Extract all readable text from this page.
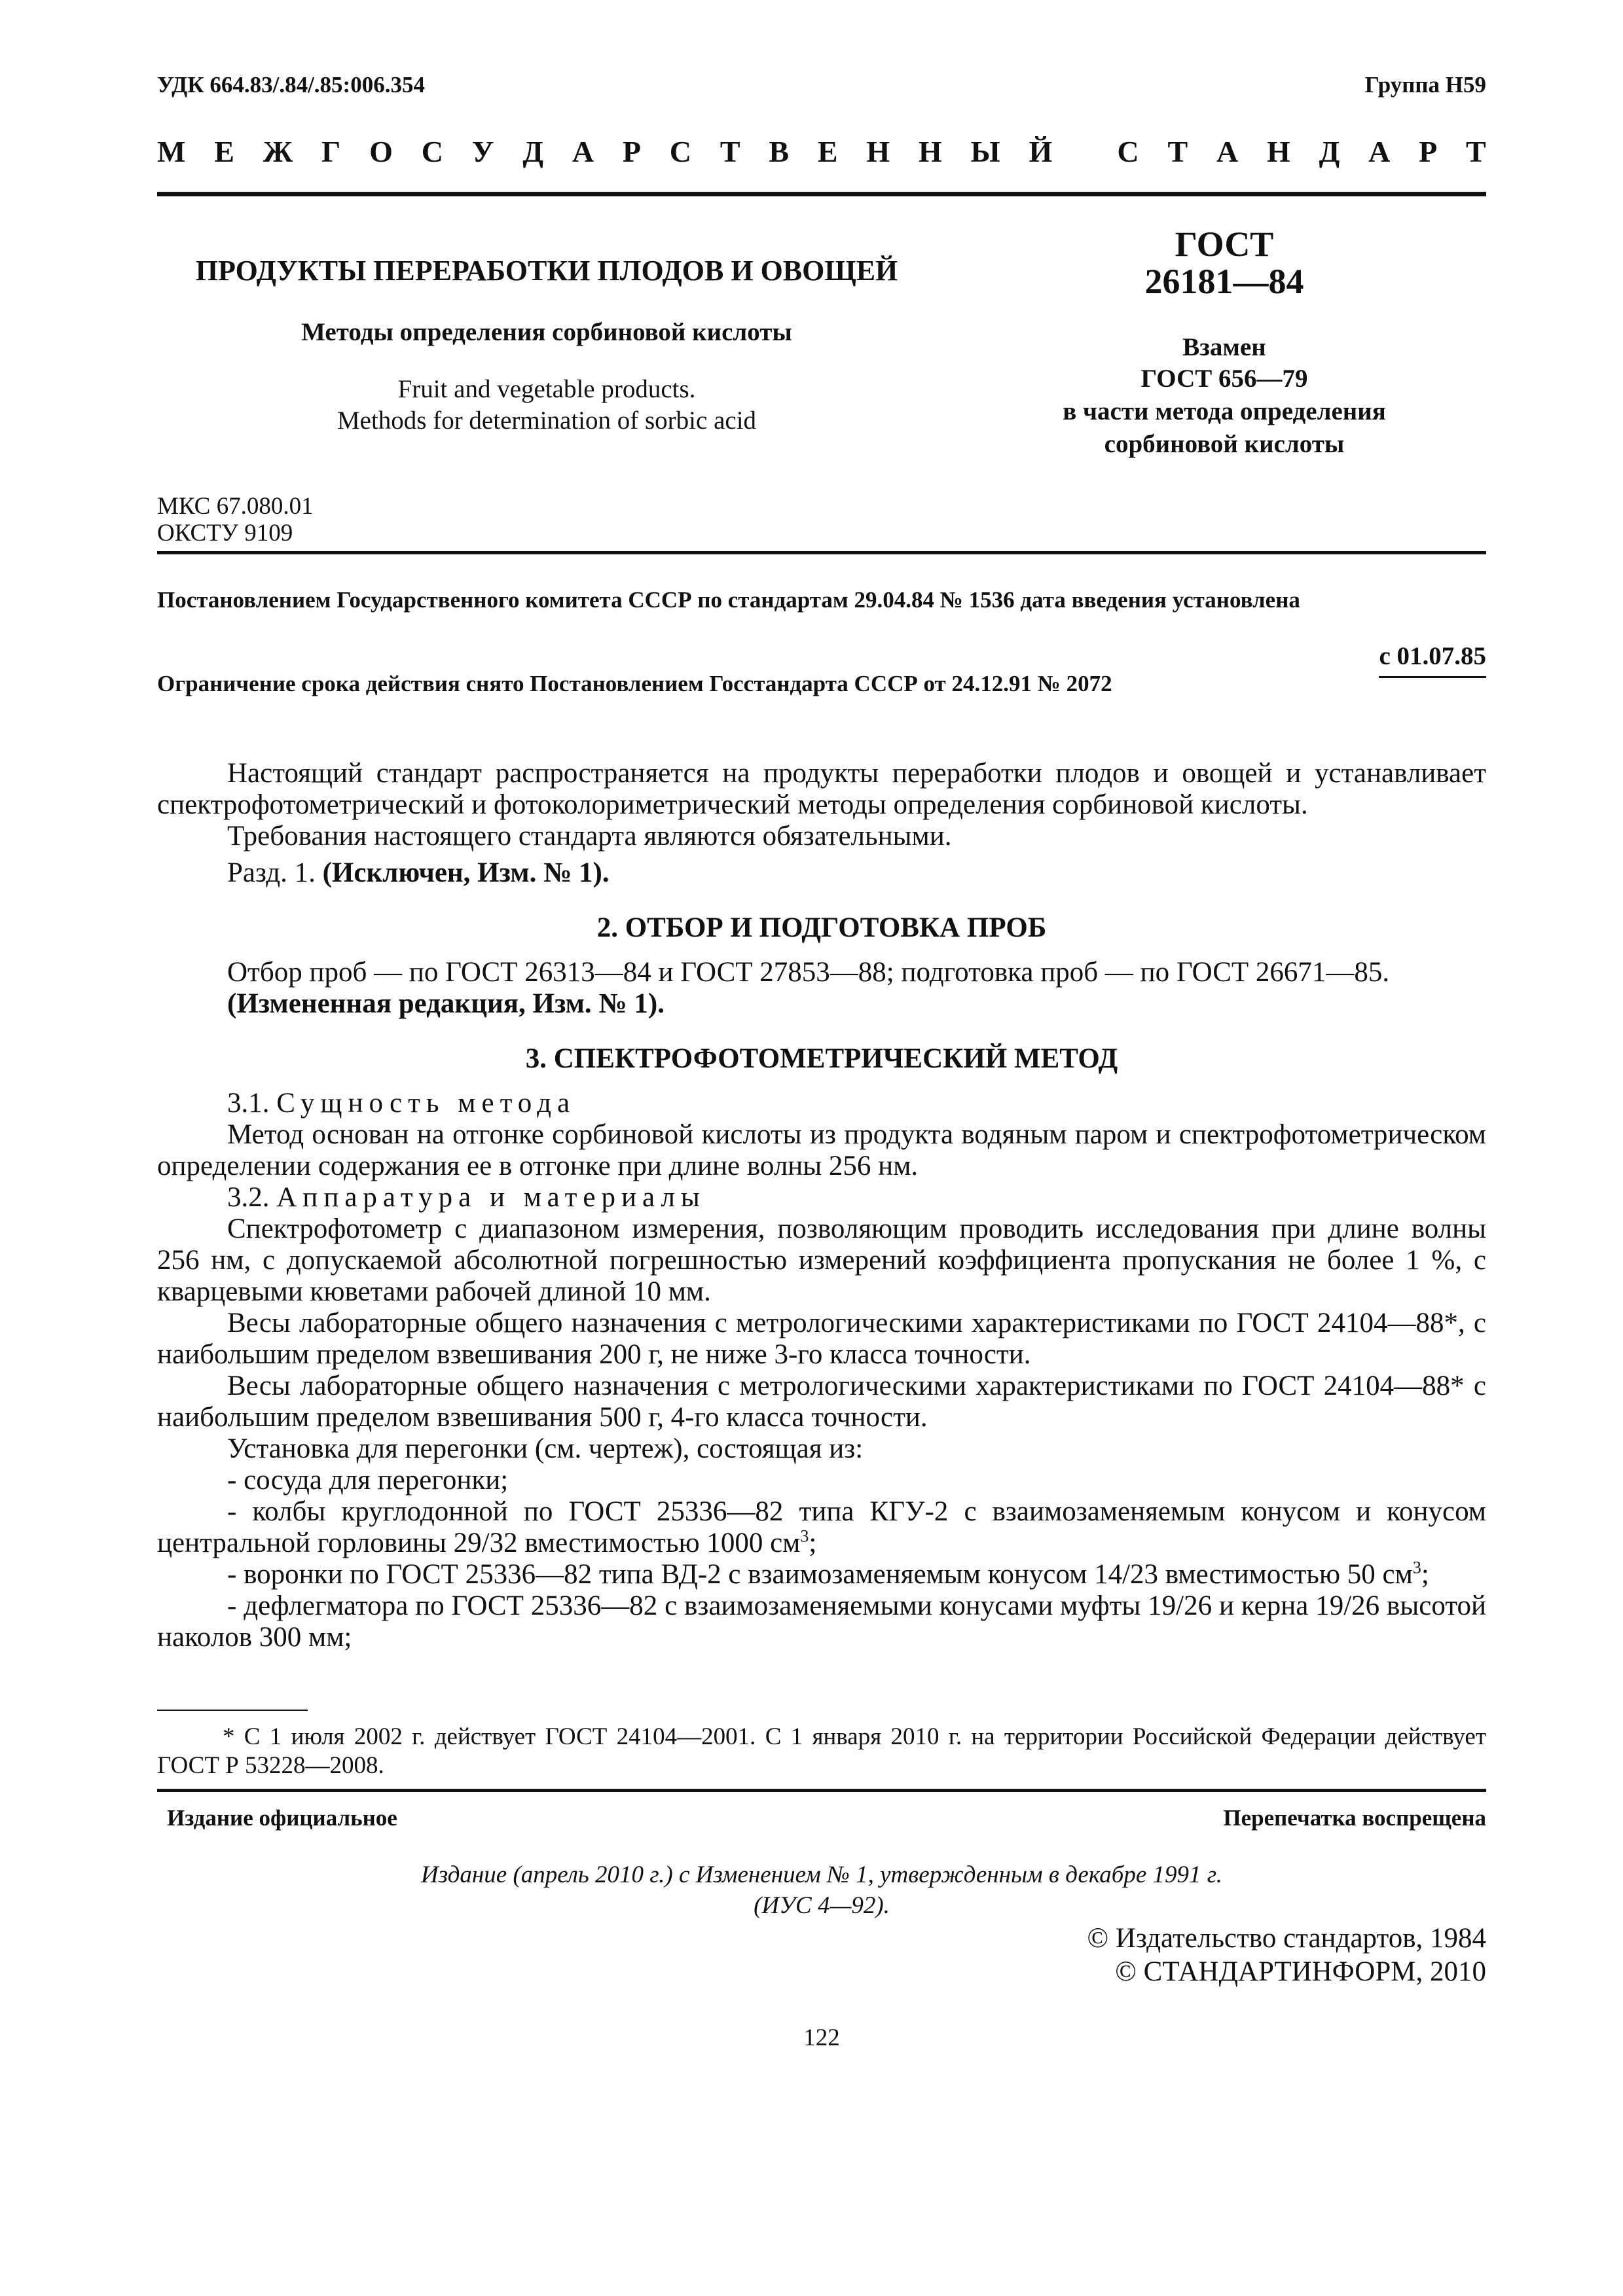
УДК 664.83/.84/.85:006.354	Группа Н59
М Е Ж Г О С У Д А Р С Т В Е Н Н Ы Й
С Т А Н Д А Р Т
ПРОДУКТЫ ПЕРЕРАБОТКИ ПЛОДОВ И ОВОЩЕЙ
Методы определения сорбиновой кислоты
Fruit and vegetable products.
Methods for determination of sorbic acid
ГОСТ
26181—84
Взамен
ГОСТ 656—79
в части метода определения
сорбиновой кислоты
МКС 67.080.01
ОКСТУ 9109
Постановлением Государственного комитета СССР по стандартам 29.04.84 № 1536 дата введения установлена
с 01.07.85
Ограничение срока действия снято Постановлением Госстандарта СССР от 24.12.91 № 2072

Настоящий стандарт распространяется на продукты переработки плодов и овощей и устанавливает спектрофотометрический и фотоколориметрический методы определения сорбиновой кислоты.

Требования настоящего стандарта являются обязательными.

Разд. 1. (Исключен, Изм. № 1).

2. ОТБОР И ПОДГОТОВКА ПРОБ

Отбор проб — по ГОСТ 26313—84 и ГОСТ 27853—88; подготовка проб — по ГОСТ 26671—85.

(Измененная редакция, Изм. № 1).

3. СПЕКТРОФОТОМЕТРИЧЕСКИЙ МЕТОД

3.1. Сущность метода

Метод основан на отгонке сорбиновой кислоты из продукта водяным паром и спектрофотометрическом определении содержания ее в отгонке при длине волны 256 нм.

3.2. Аппаратура и материалы

Спектрофотометр с диапазоном измерения, позволяющим проводить исследования при длине волны 256 нм, с допускаемой абсолютной погрешностью измерений коэффициента пропускания не более 1 %, с кварцевыми кюветами рабочей длиной 10 мм.

Весы лабораторные общего назначения с метрологическими характеристиками по ГОСТ 24104—88*, с наибольшим пределом взвешивания 200 г, не ниже 3-го класса точности.

Весы лабораторные общего назначения с метрологическими характеристиками по ГОСТ 24104—88* с наибольшим пределом взвешивания 500 г, 4-го класса точности.

Установка для перегонки (см. чертеж), состоящая из:

- сосуда для перегонки;

- колбы круглодонной по ГОСТ 25336—82 типа КГУ-2 с взаимозаменяемым конусом и конусом центральной горловины 29/32 вместимостью 1000 $см^3$;

- воронки по ГОСТ 25336—82 типа ВД-2 с взаимозаменяемым конусом 14/23 вместимостью 50 $см^3$;

- дефлегматора по ГОСТ 25336—82 с взаимозаменяемыми конусами муфты 19/26 и керна 19/26 высотой наколов 300 мм;

* С 1 июля 2002 г. действует ГОСТ 24104—2001. С 1 января 2010 г. на территории Российской Федерации действует ГОСТ Р 53228—2008.
Издание официальное	Перепечатка воспрещена
Издание (апрель 2010 г.) с Изменением № 1, утвержденным в декабре 1991 г.
(ИУС 4—92).
© Издательство стандартов, 1984
© СТАНДАРТИНФОРМ, 2010
122
